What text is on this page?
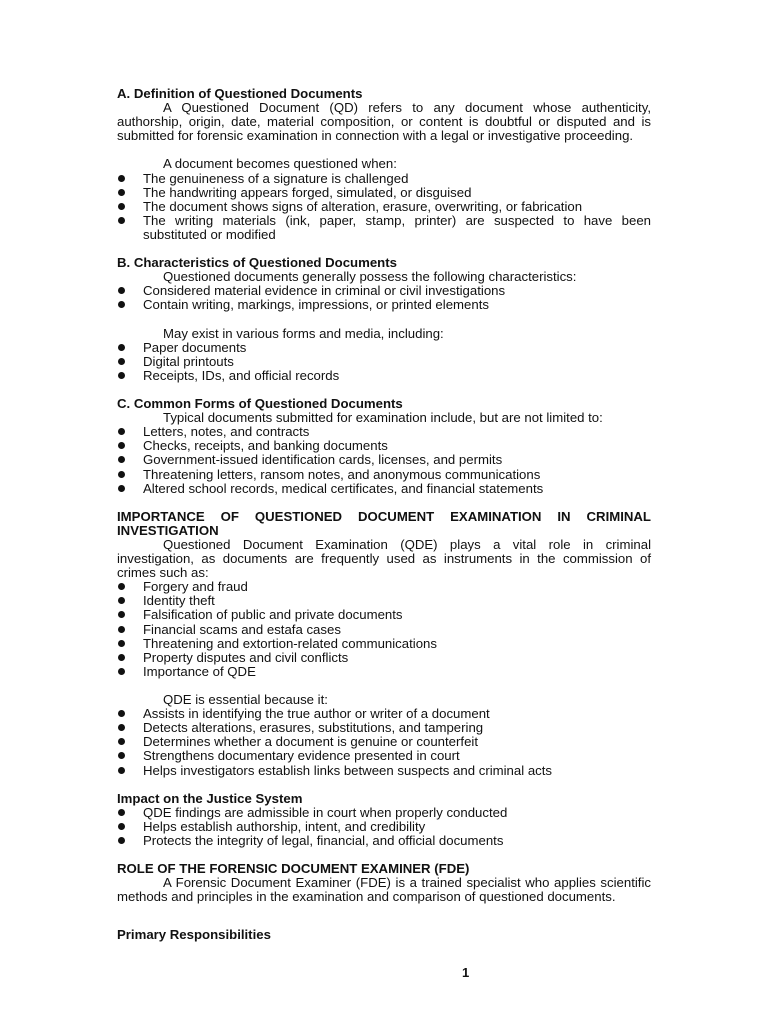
A. Definition of Questioned Documents

A Questioned Document (QD) refers to any document whose authenticity, authorship, origin, date, material composition, or content is doubtful or disputed and is submitted for forensic examination in connection with a legal or investigative proceeding.

A document becomes questioned when:

The genuineness of a signature is challenged
The handwriting appears forged, simulated, or disguised
The document shows signs of alteration, erasure, overwriting, or fabrication
The writing materials (ink, paper, stamp, printer) are suspected to have been substituted or modified

B. Characteristics of Questioned Documents

Questioned documents generally possess the following characteristics:

Considered material evidence in criminal or civil investigations
Contain writing, markings, impressions, or printed elements

May exist in various forms and media, including:

Paper documents
Digital printouts
Receipts, IDs, and official records

C. Common Forms of Questioned Documents

Typical documents submitted for examination include, but are not limited to:

Letters, notes, and contracts
Checks, receipts, and banking documents
Government-issued identification cards, licenses, and permits
Threatening letters, ransom notes, and anonymous communications
Altered school records, medical certificates, and financial statements

IMPORTANCE OF QUESTIONED DOCUMENT EXAMINATION IN CRIMINAL INVESTIGATION

Questioned Document Examination (QDE) plays a vital role in criminal investigation, as documents are frequently used as instruments in the commission of crimes such as:

Forgery and fraud
Identity theft
Falsification of public and private documents
Financial scams and estafa cases
Threatening and extortion-related communications
Property disputes and civil conflicts
Importance of QDE

QDE is essential because it:

Assists in identifying the true author or writer of a document
Detects alterations, erasures, substitutions, and tampering
Determines whether a document is genuine or counterfeit
Strengthens documentary evidence presented in court
Helps investigators establish links between suspects and criminal acts

Impact on the Justice System

QDE findings are admissible in court when properly conducted
Helps establish authorship, intent, and credibility
Protects the integrity of legal, financial, and official documents

ROLE OF THE FORENSIC DOCUMENT EXAMINER (FDE)

A Forensic Document Examiner (FDE) is a trained specialist who applies scientific methods and principles in the examination and comparison of questioned documents.

Primary Responsibilities

1
